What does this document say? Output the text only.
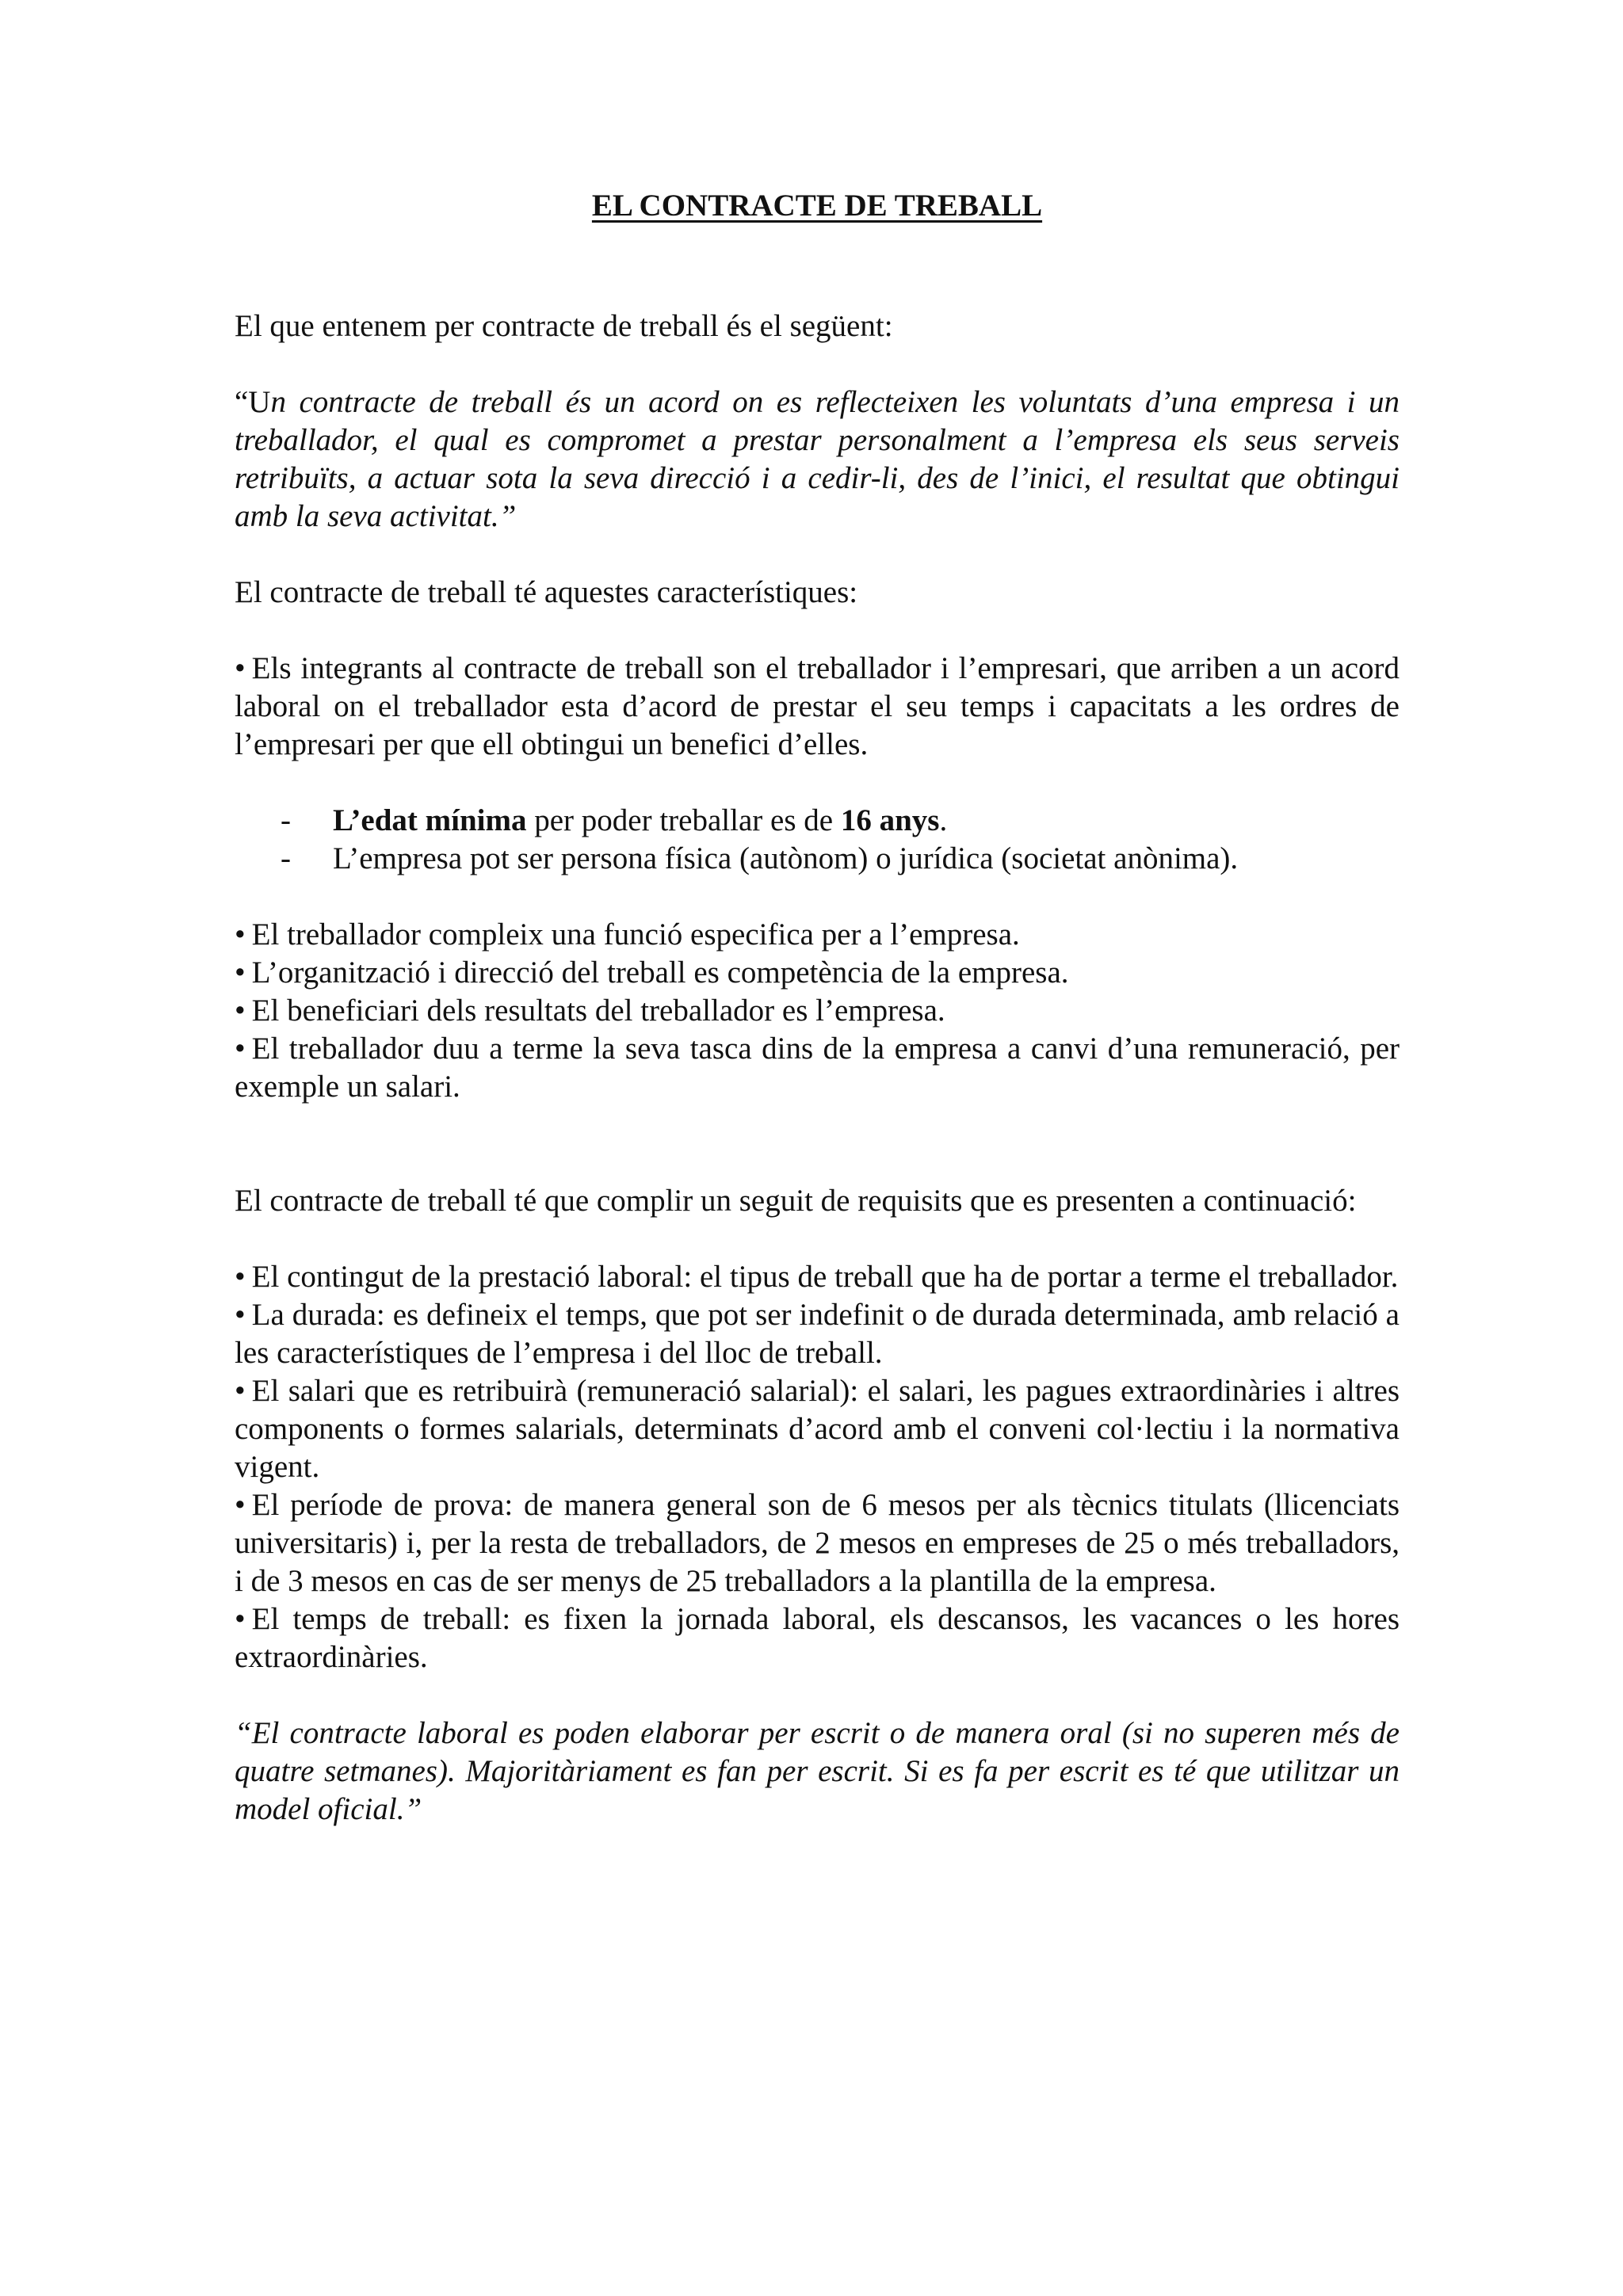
EL CONTRACTE DE TREBALL

El que entenem per contracte de treball és el següent:

“Un contracte de treball és un acord on es reflecteixen les voluntats d’una empresa i un treballador, el qual es compromet a prestar personalment a l’empresa els seus serveis retribuïts, a actuar sota la seva direcció i a cedir-li, des de l’inici, el resultat que obtingui amb la seva activitat.”

El contracte de treball té aquestes característiques:

• Els integrants al contracte de treball son el treballador i l’empresari, que arriben a un acord laboral on el treballador esta d’acord de prestar el seu temps i capacitats a les ordres de l’empresari per que ell obtingui un benefici d’elles.

- L’edat mínima per poder treballar es de 16 anys.
- L’empresa pot ser persona física (autònom) o jurídica (societat anònima).

• El treballador compleix una funció especifica per a l’empresa.

• L’organització i direcció del treball es competència de la empresa.

• El beneficiari dels resultats del treballador es l’empresa.

• El treballador duu a terme la seva tasca dins de la empresa a canvi d’una remuneració, per exemple un salari.

El contracte de treball té que complir un seguit de requisits que es presenten a continuació:

• El contingut de la prestació laboral: el tipus de treball que ha de portar a terme el treballador.

• La durada: es defineix el temps, que pot ser indefinit o de durada determinada, amb relació a les característiques de l’empresa i del lloc de treball.

• El salari que es retribuirà (remuneració salarial): el salari, les pagues extraordinàries i altres components o formes salarials, determinats d’acord amb el conveni col·lectiu i la normativa vigent.

• El període de prova: de manera general son de 6 mesos per als tècnics titulats (llicenciats universitaris) i, per la resta de treballadors, de 2 mesos en empreses de 25 o més treballadors, i de 3 mesos en cas de ser menys de 25 treballadors a la plantilla de la empresa.

• El temps de treball: es fixen la jornada laboral, els descansos, les vacances o les hores extraordinàries.

“El contracte laboral es poden elaborar per escrit o de manera oral (si no superen més de quatre setmanes). Majoritàriament es fan per escrit. Si es fa per escrit es té que utilitzar un model oficial.”
